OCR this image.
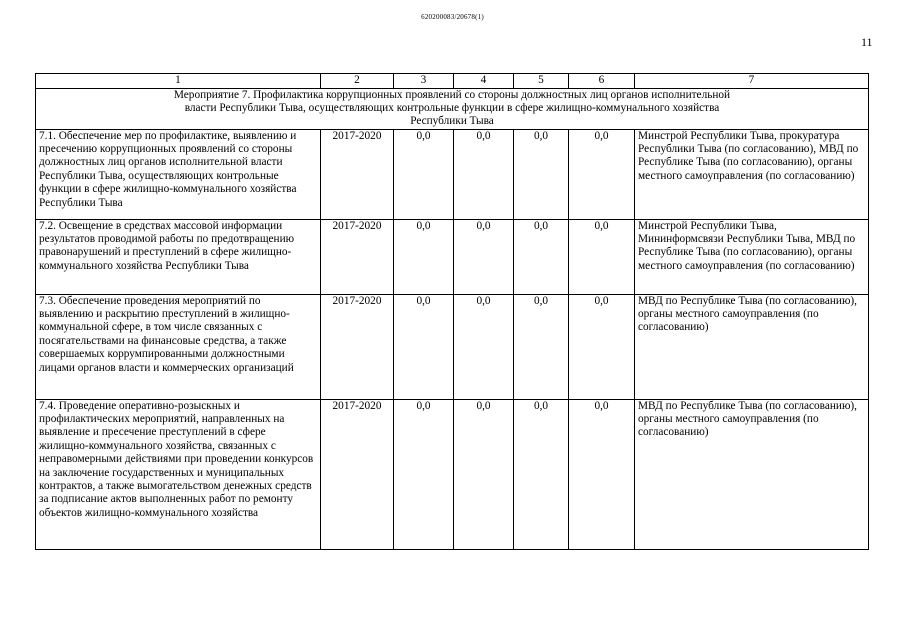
620200083/20678(1)
11
1	2	3	4	5	6	7

Мероприятие 7. Профилактика коррупционных проявлений со стороны должностных лиц органов исполнительной власти Республики Тыва, осуществляющих контрольные функции в сфере жилищно-коммунального хозяйства Республики Тыва						

7.1. Обеспечение мер по профилактике, выявлению и пресечению коррупционных проявлений со стороны должностных лиц органов исполнительной власти Республики Тыва, осуществляющих контрольные функции в сфере жилищно-коммунального хозяйства Республики Тыва	2017-2020	0,0	0,0	0,0	0,0	Минстрой Республики Тыва, прокуратура Республики Тыва (по согласованию), МВД по Республике Тыва (по согласованию), органы местного самоуправления (по согласованию)
7.2. Освещение в средствах массовой информации результатов проводимой работы по предотвращению правонарушений и преступлений в сфере жилищно-коммунального хозяйства Республики Тыва	2017-2020	0,0	0,0	0,0	0,0	Минстрой Республики Тыва, Мининформсвязи Республики Тыва, МВД по Республике Тыва (по согласованию), органы местного самоуправления (по согласованию)
7.3. Обеспечение проведения мероприятий по выявлению и раскрытию преступлений в жилищно-коммунальной сфере, в том числе связанных с посягательствами на финансовые средства, а также совершаемых коррумпированными должностными лицами органов власти и коммерческих организаций	2017-2020	0,0	0,0	0,0	0,0	МВД по Республике Тыва (по согласованию), органы местного самоуправления (по согласованию)
7.4. Проведение оперативно-розыскных и профилактических мероприятий, направленных на выявление и пресечение преступлений в сфере жилищно-коммунального хозяйства, связанных с неправомерными действиями при проведении конкурсов на заключение государственных и муниципальных контрактов, а также вымогательством денежных средств за подписание актов выполненных работ по ремонту объектов жилищно-коммунального хозяйства	2017-2020	0,0	0,0	0,0	0,0	МВД по Республике Тыва (по согласованию), органы местного самоуправления (по согласованию)
